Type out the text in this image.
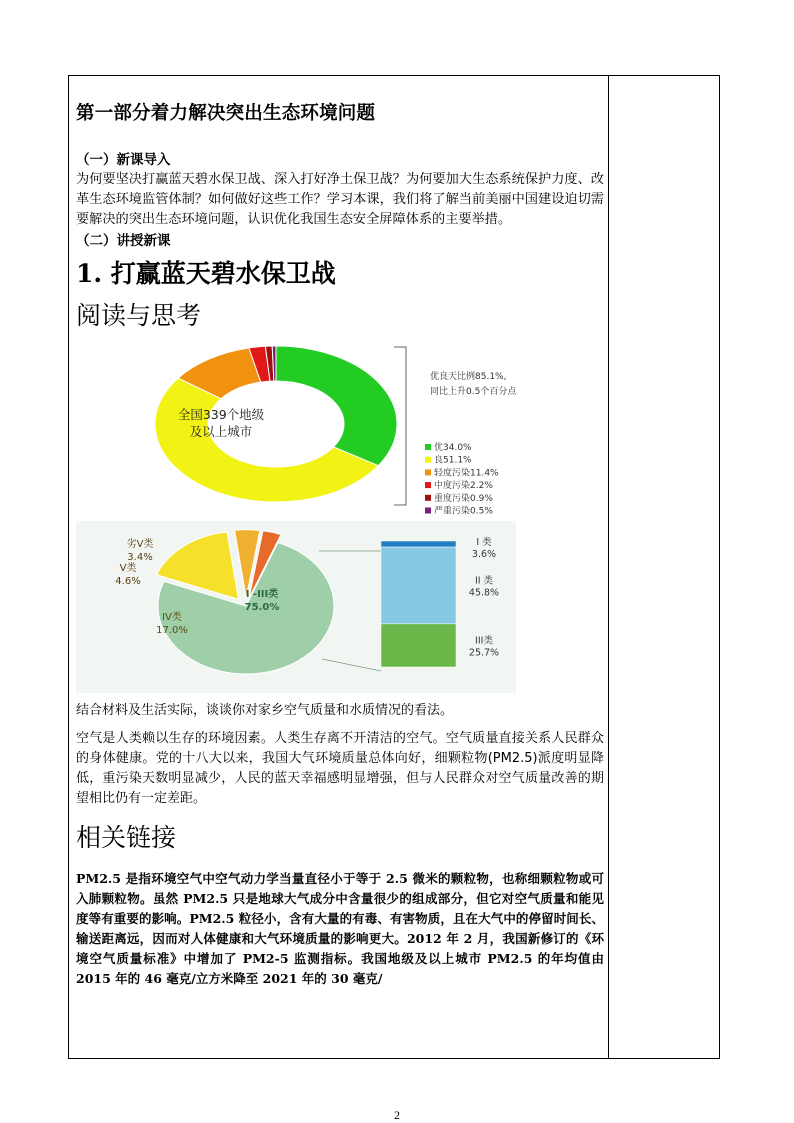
第一部分着力解决突出生态环境问题

（一）新课导入

为何要坚决打赢蓝天碧水保卫战、深入打好净土保卫战？为何要加大生态系统保护力度、改革生态环境监管体制？如何做好这些工作？学习本课，我们将了解当前美丽中国建设迫切需要解决的突出生态环境问题，认识优化我国生态安全屏障体系的主要举措。

（二）讲授新课

1. 打赢蓝天碧水保卫战
阅读与思考
全国339个地级
及以上城市
优良天比例85.1%,
同比上升0.5个百分点
优34.0%
良51.1%
轻度污染11.4%
中度污染2.2%
重度污染0.9%
严重污染0.5%
I -III类
75.0%
IV类
17.0%
V类
4.6%
劣V类
3.4%
I 类
3.6%
II 类
45.8%
III类
25.7%
结合材料及生活实际，谈谈你对家乡空气质量和水质情况的看法。
空气是人类赖以生存的环境因素。人类生存离不开清洁的空气。空气质量直接关系人民群众的身体健康。党的十八大以来，我国大气环境质量总体向好，细颗粒物(PM2.5)派度明显降低，重污染天数明显减少，人民的蓝天幸福感明显增强，但与人民群众对空气质量改善的期望相比仍有一定差距。
相关链接
PM2.5 是指环境空气中空气动力学当量直径小于等于 2.5 微米的颗粒物，也称细颗粒物或可入肺颗粒物。虽然 PM2.5 只是地球大气成分中含量很少的组成部分，但它对空气质量和能见度等有重要的影响。PM2.5 粒径小，含有大量的有毒、有害物质，且在大气中的停留时间长、输送距离远，因而对人体健康和大气环境质量的影响更大。2012 年 2 月，我国新修订的《环境空气质量标准》中增加了 PM2-5 监测指标。我国地级及以上城市 PM2.5 的年均值由 2015 年的 46 毫克/立方米降至 2021 年的 30 毫克/
2
